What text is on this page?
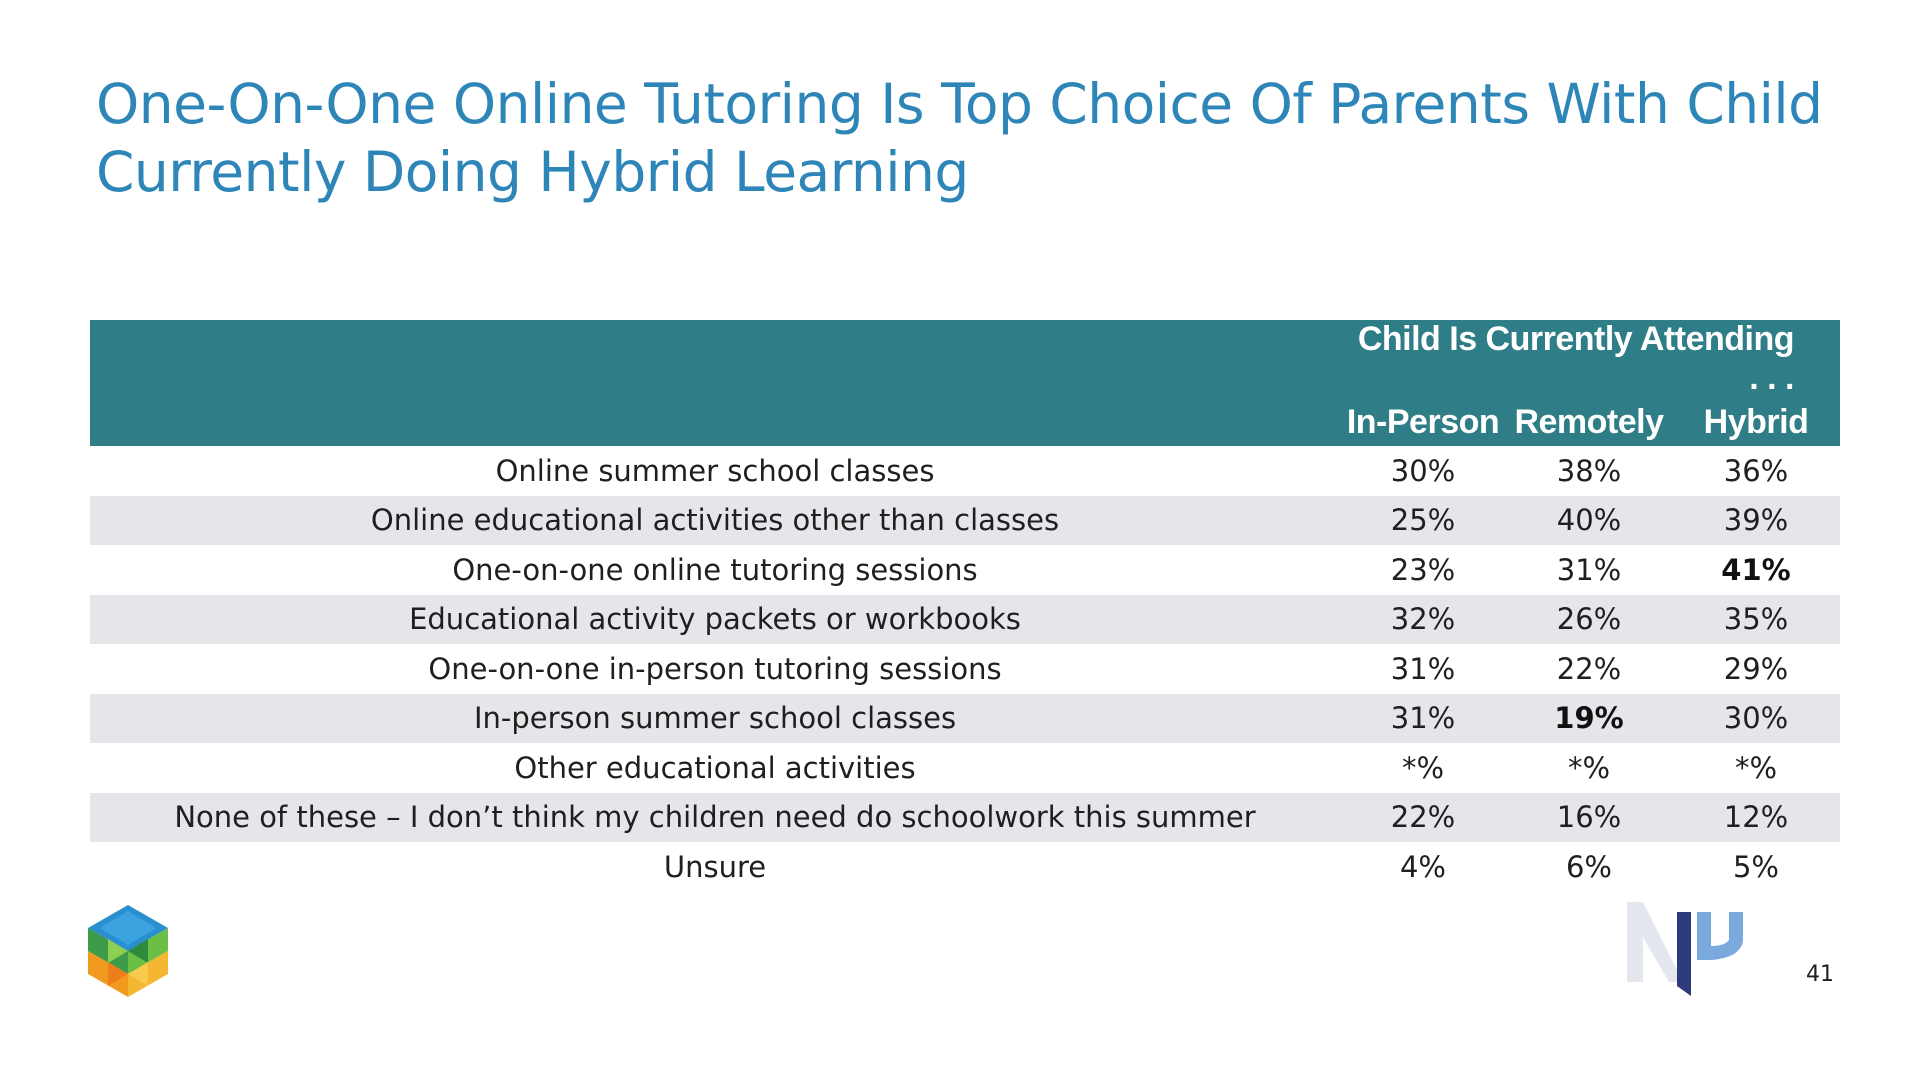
One-On-One Online Tutoring Is Top Choice Of Parents With Child Currently Doing Hybrid Learning
	Child Is Currently Attending . . .		
	In-Person	Remotely	Hybrid
Online summer school classes	30%	38%	36%
Online educational activities other than classes	25%	40%	39%
One-on-one online tutoring sessions	23%	31%	41%
Educational activity packets or workbooks	32%	26%	35%
One-on-one in-person tutoring sessions	31%	22%	29%
In-person summer school classes	31%	19%	30%
Other educational activities	*%	*%	*%
None of these – I don’t think my children need do schoolwork this summer	22%	16%	12%
Unsure	4%	6%	5%
41
